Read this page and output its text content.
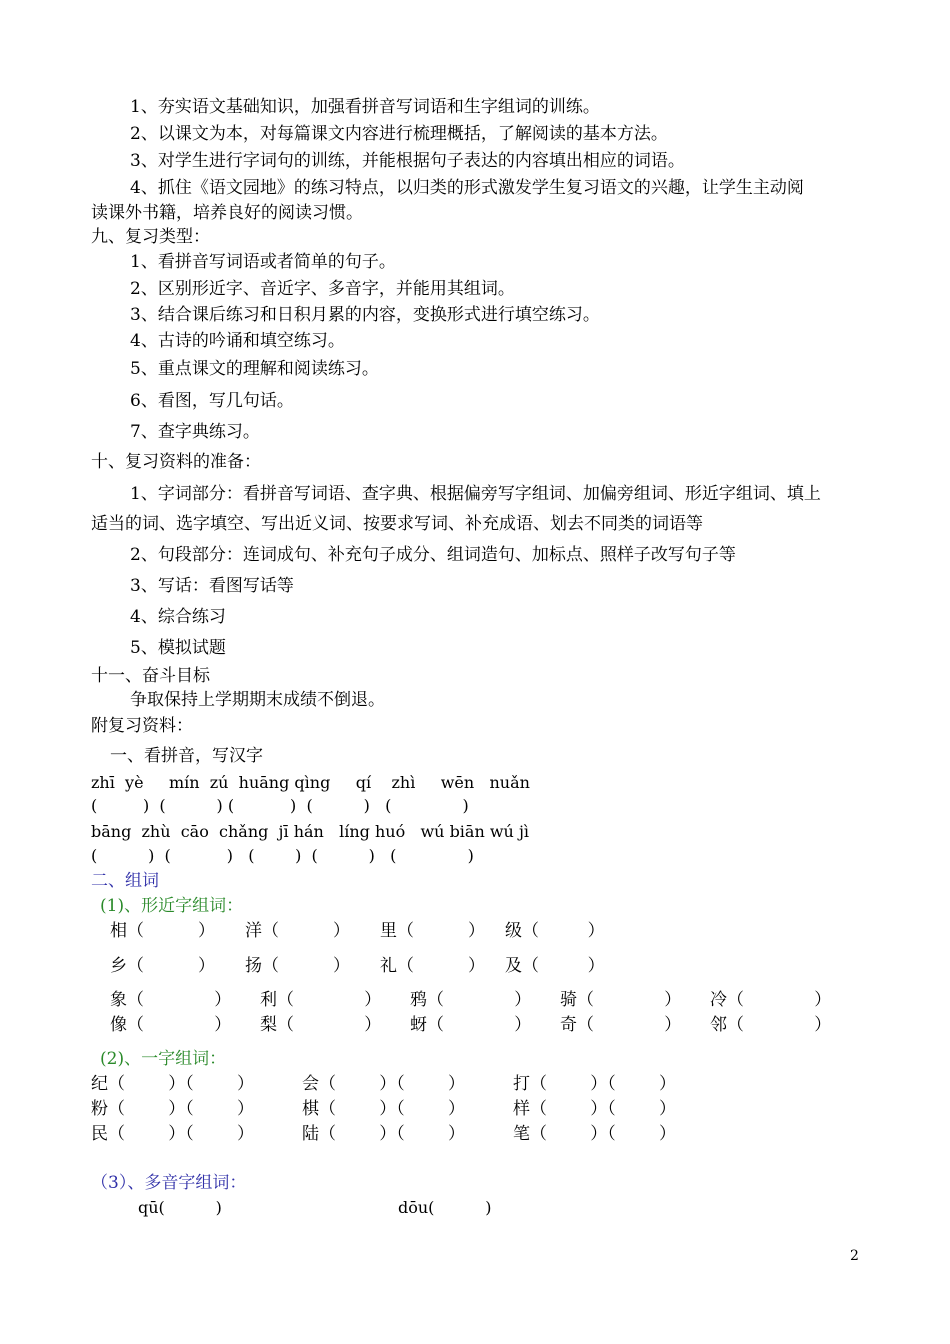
1、夯实语文基础知识，加强看拼音写词语和生字组词的训练。
2、以课文为本，对每篇课文内容进行梳理概括，了解阅读的基本方法。
3、对学生进行字词句的训练，并能根据句子表达的内容填出相应的词语。
4、抓住《语文园地》的练习特点，以归类的形式激发学生复习语文的兴趣，让学生主动阅
读课外书籍，培养良好的阅读习惯。
九、复习类型：
1、看拼音写词语或者简单的句子。
2、区别形近字、音近字、多音字，并能用其组词。
3、结合课后练习和日积月累的内容，变换形式进行填空练习。
4、古诗的吟诵和填空练习。
5、重点课文的理解和阅读练习。
6、看图，写几句话。
7、查字典练习。
十、复习资料的准备：
1、字词部分：看拼音写词语、查字典、根据偏旁写字组词、加偏旁组词、形近字组词、填上
适当的词、选字填空、写出近义词、按要求写词、补充成语、划去不同类的词语等
2、句段部分：连词成句、补充句子成分、组词造句、加标点、照样子改写句子等
3、写话：看图写话等
4、综合练习
5、模拟试题
十一、奋斗目标
争取保持上学期期末成绩不倒退。
附复习资料：
一、看拼音，写汉字
zhī  yè     mín  zú  huāng qìng     qí    zhì     wēn   nuǎn
(         )  (          ) (           )  (          )   (              )
bāng  zhù  cāo  chǎng  jī hán   líng huó   wú biān wú jì
(          )  (           )   (        )  (          )   (              )
二、组词
(1)、形近字组词：
相（          ） 洋（          ） 里（          ） 级（         ）
乡（          ） 扬（          ） 礼（          ） 及（         ）
象（             ） 利（             ） 鸦（             ） 骑（             ） 冷（             ）
像（             ） 梨（             ） 蚜（             ） 奇（             ） 邻（             ）
(2)、一字组词：
纪（        ）（        ）	会（        ）（        ）	打（        ）（        ）
粉（        ）（        ）	棋（        ）（        ）	样（        ）（        ）
民（        ）（        ）	陆（        ）（        ）	笔（        ）（        ）
（3）、多音字组词：
qū(          )	dōu(          )
2
